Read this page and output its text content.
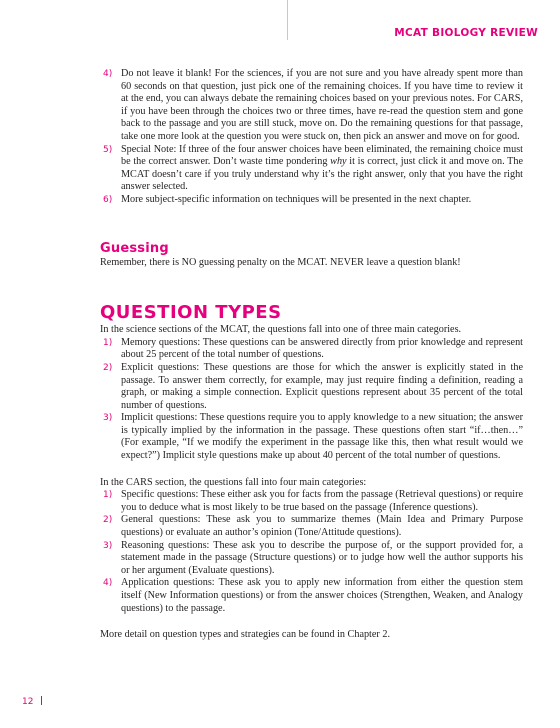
MCAT BIOLOGY REVIEW
4) Do not leave it blank! For the sciences, if you are not sure and you have already spent more than 60 seconds on that question, just pick one of the remaining choices. If you have time to review it at the end, you can always debate the remaining choices based on your previous notes. For CARS, if you have been through the choices two or three times, have re-read the question stem and gone back to the passage and you are still stuck, move on. Do the remaining questions for that passage, take one more look at the question you were stuck on, then pick an answer and move on for good.
5) Special Note: If three of the four answer choices have been eliminated, the remaining choice must be the correct answer. Don’t waste time pondering why it is correct, just click it and move on. The MCAT doesn’t care if you truly understand why it’s the right answer, only that you have the right answer selected.
6) More subject-specific information on techniques will be presented in the next chapter.
Guessing

Remember, there is NO guessing penalty on the MCAT. NEVER leave a question blank!

QUESTION TYPES

In the science sections of the MCAT, the questions fall into one of three main categories.

1) Memory questions: These questions can be answered directly from prior knowledge and represent about 25 percent of the total number of questions.
2) Explicit questions: These questions are those for which the answer is explicitly stated in the passage. To answer them correctly, for example, may just require finding a definition, reading a graph, or making a simple connection. Explicit questions represent about 35 percent of the total number of questions.
3) Implicit questions: These questions require you to apply knowledge to a new situation; the answer is typically implied by the information in the passage. These questions often start “if…then…” (For example, “If we modify the experiment in the passage like this, then what result would we expect?”) Implicit style questions make up about 40 percent of the total number of questions.

In the CARS section, the questions fall into four main categories:

1) Specific questions: These either ask you for facts from the passage (Retrieval questions) or require you to deduce what is most likely to be true based on the passage (Inference questions).
2) General questions: These ask you to summarize themes (Main Idea and Primary Purpose questions) or evaluate an author’s opinion (Tone/Attitude questions).
3) Reasoning questions: These ask you to describe the purpose of, or the support provided for, a statement made in the passage (Structure questions) or to judge how well the author supports his or her argument (Evaluate questions).
4) Application questions: These ask you to apply new information from either the question stem itself (New Information questions) or from the answer choices (Strengthen, Weaken, and Analogy questions) to the passage.

More detail on question types and strategies can be found in Chapter 2.

12
